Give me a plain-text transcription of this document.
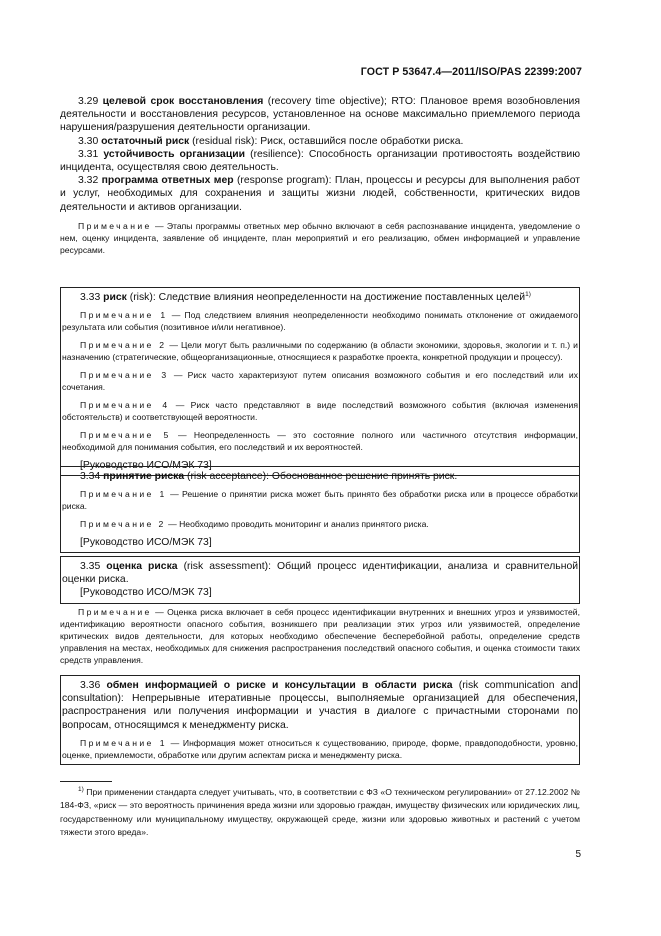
ГОСТ Р 53647.4—2011/ISO/PAS 22399:2007

3.29 целевой срок восстановления (recovery time objective); RTO: Плановое время возобновления деятельности и восстановления ресурсов, установленное на основе максимально приемлемого периода нарушения/разрушения деятельности организации.

3.30 остаточный риск (residual risk): Риск, оставшийся после обработки риска.

3.31 устойчивость организации (resilience): Способность организации противостоять воздействию инцидента, осуществляя свою деятельность.

3.32 программа ответных мер (response program): План, процессы и ресурсы для выполнения работ и услуг, необходимых для сохранения и защиты жизни людей, собственности, критических видов деятельности и активов организации.

Примечание — Этапы программы ответных мер обычно включают в себя распознавание инцидента, уведомление о нем, оценку инцидента, заявление об инциденте, план мероприятий и его реализацию, обмен информацией и управление ресурсами.

3.33 риск (risk): Следствие влияния неопределенности на достижение поставленных целей$^{1)}$

Примечание 1 — Под следствием влияния неопределенности необходимо понимать отклонение от ожидаемого результата или события (позитивное и/или негативное).

Примечание 2 — Цели могут быть различными по содержанию (в области экономики, здоровья, экологии и т. п.) и назначению (стратегические, общеорганизационные, относящиеся к разработке проекта, конкретной продукции и процессу).

Примечание 3 — Риск часто характеризуют путем описания возможного события и его последствий или их сочетания.

Примечание 4 — Риск часто представляют в виде последствий возможного события (включая изменения обстоятельств) и соответствующей вероятности.

Примечание 5 — Неопределенность — это состояние полного или частичного отсутствия информации, необходимой для понимания события, его последствий и их вероятностей.

[Руководство ИСО/МЭК 73]

3.34 принятие риска (risk acceptance): Обоснованное решение принять риск.

Примечание 1 — Решение о принятии риска может быть принято без обработки риска или в процессе обработки риска.

Примечание 2 — Необходимо проводить мониторинг и анализ принятого риска.

[Руководство ИСО/МЭК 73]

3.35 оценка риска (risk assessment): Общий процесс идентификации, анализа и сравнительной оценки риска.

[Руководство ИСО/МЭК 73]

Примечание — Оценка риска включает в себя процесс идентификации внутренних и внешних угроз и уязвимостей, идентификацию вероятности опасного события, возникшего при реализации этих угроз или уязвимостей, определение критических видов деятельности, для которых необходимо обеспечение бесперебойной работы, определение средств управления на местах, необходимых для снижения распространения последствий опасного события, и оценка стоимости таких средств управления.

3.36 обмен информацией о риске и консультации в области риска (risk communication and consultation): Непрерывные итеративные процессы, выполняемые организацией для обеспечения, распространения или получения информации и участия в диалоге с причастными сторонами по вопросам, относящимся к менеджменту риска.

Примечание 1 — Информация может относиться к существованию, природе, форме, правдоподобности, уровню, оценке, приемлемости, обработке или другим аспектам риска и менеджменту риска.

$^{1)}$ При применении стандарта следует учитывать, что, в соответствии с ФЗ «О техническом регулировании» от 27.12.2002 № 184-ФЗ, «риск — это вероятность причинения вреда жизни или здоровью граждан, имуществу физических или юридических лиц, государственному или муниципальному имуществу, окружающей среде, жизни или здоровью животных и растений с учетом тяжести этого вреда».

5
